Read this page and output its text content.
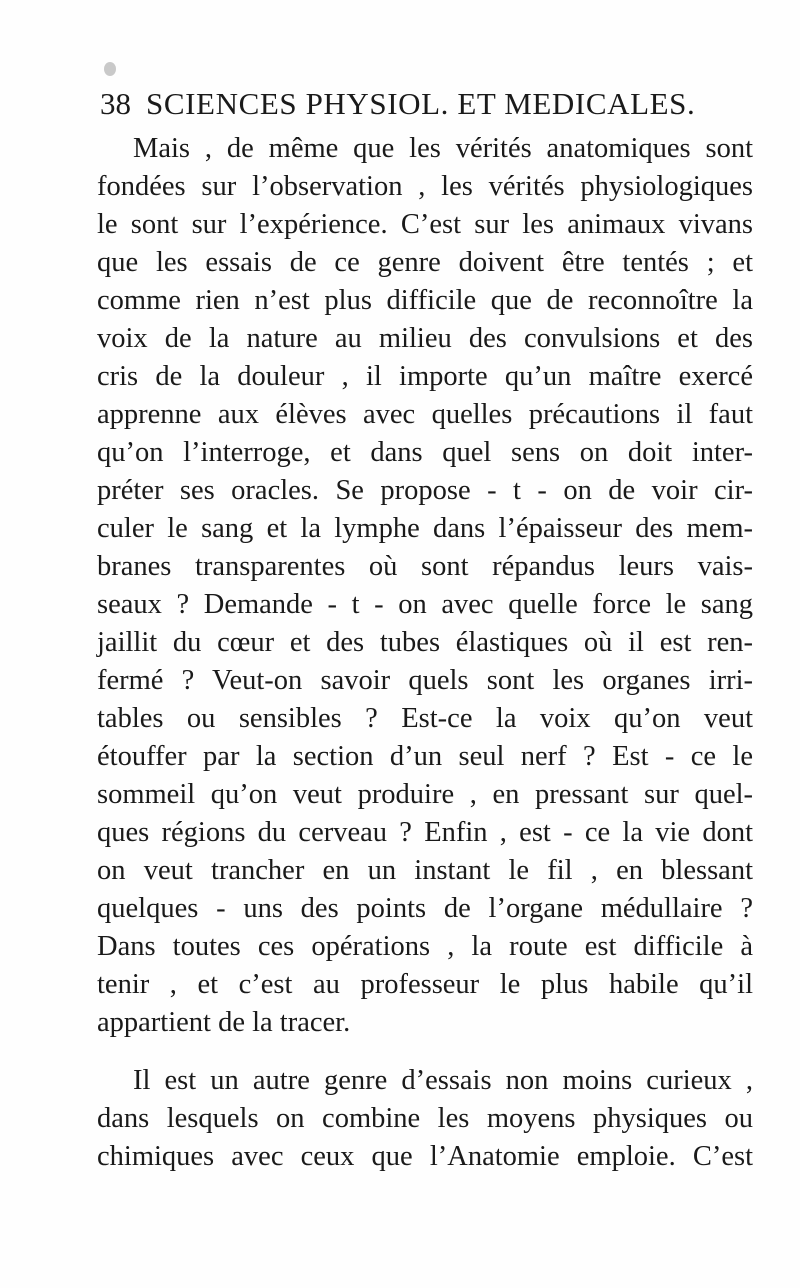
38 SCIENCES PHYSIOL. ET MEDICALES.
Mais , de même que les vérités anatomiques sont
fondées sur l’observation , les vérités physiologiques
le sont sur l’expérience. C’est sur les animaux vivans
que les essais de ce genre doivent être tentés ; et
comme rien n’est plus difficile que de reconnoître la
voix de la nature au milieu des convulsions et des
cris de la douleur , il importe qu’un maître exercé
apprenne aux élèves avec quelles précautions il faut
qu’on l’interroge, et dans quel sens on doit inter-
préter ses oracles. Se propose - t - on de voir cir-
culer le sang et la lymphe dans l’épaisseur des mem-
branes transparentes où sont répandus leurs vais-
seaux ? Demande - t - on avec quelle force le sang
jaillit du cœur et des tubes élastiques où il est ren-
fermé ? Veut-on savoir quels sont les organes irri-
tables ou sensibles ? Est-ce la voix qu’on veut
étouffer par la section d’un seul nerf ? Est - ce le
sommeil qu’on veut produire , en pressant sur quel-
ques régions du cerveau ? Enfin , est - ce la vie dont
on veut trancher en un instant le fil , en blessant
quelques - uns des points de l’organe médullaire ?
Dans toutes ces opérations , la route est difficile à
tenir , et c’est au professeur le plus habile qu’il
appartient de la tracer.
Il est un autre genre d’essais non moins curieux ,
dans lesquels on combine les moyens physiques ou
chimiques avec ceux que l’Anatomie emploie. C’est
